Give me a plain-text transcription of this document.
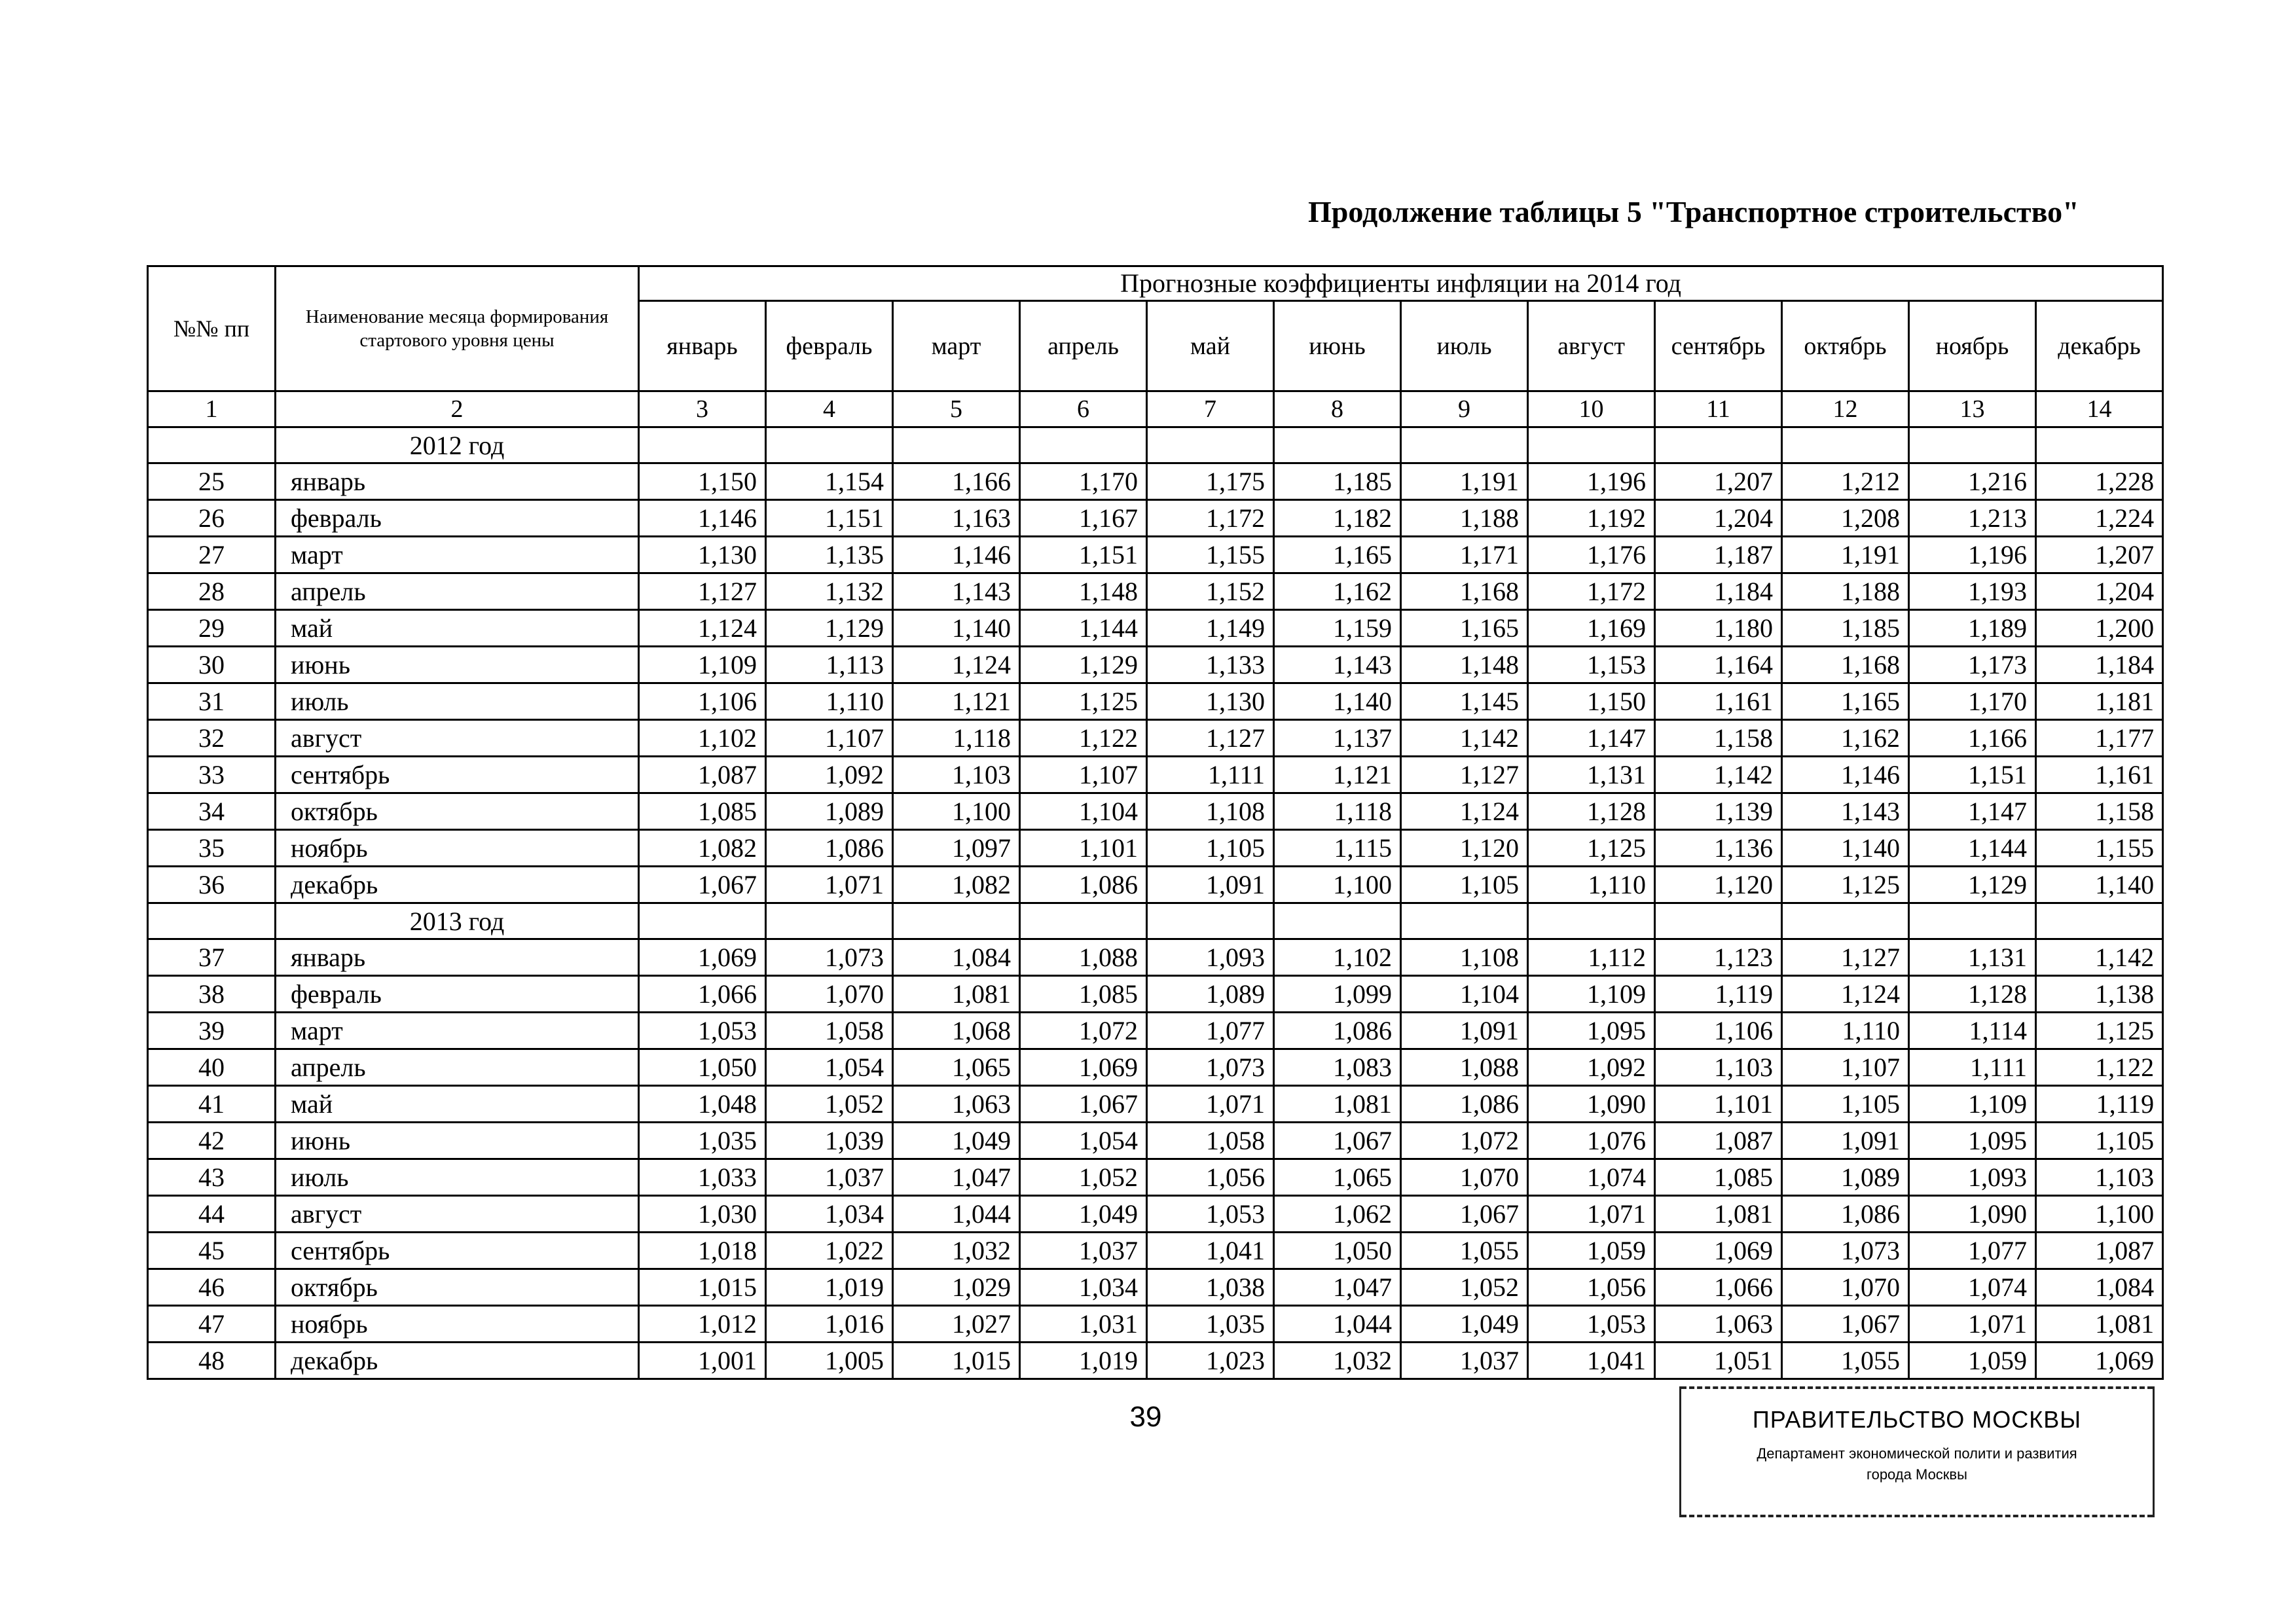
Продолжение таблицы 5 "Транспортное строительство"
№№ пп	Наименование месяца формирования стартового уровня цены	Прогнозные коэффициенты инфляции на 2014 год											
		январь	февраль	март	апрель	май	июнь	июль	август	сентябрь	октябрь	ноябрь	декабрь
1	2	3	4	5	6	7	8	9	10	11	12	13	14
	2012 год												
25	январь	1,150	1,154	1,166	1,170	1,175	1,185	1,191	1,196	1,207	1,212	1,216	1,228
26	февраль	1,146	1,151	1,163	1,167	1,172	1,182	1,188	1,192	1,204	1,208	1,213	1,224
27	март	1,130	1,135	1,146	1,151	1,155	1,165	1,171	1,176	1,187	1,191	1,196	1,207
28	апрель	1,127	1,132	1,143	1,148	1,152	1,162	1,168	1,172	1,184	1,188	1,193	1,204
29	май	1,124	1,129	1,140	1,144	1,149	1,159	1,165	1,169	1,180	1,185	1,189	1,200
30	июнь	1,109	1,113	1,124	1,129	1,133	1,143	1,148	1,153	1,164	1,168	1,173	1,184
31	июль	1,106	1,110	1,121	1,125	1,130	1,140	1,145	1,150	1,161	1,165	1,170	1,181
32	август	1,102	1,107	1,118	1,122	1,127	1,137	1,142	1,147	1,158	1,162	1,166	1,177
33	сентябрь	1,087	1,092	1,103	1,107	1,111	1,121	1,127	1,131	1,142	1,146	1,151	1,161
34	октябрь	1,085	1,089	1,100	1,104	1,108	1,118	1,124	1,128	1,139	1,143	1,147	1,158
35	ноябрь	1,082	1,086	1,097	1,101	1,105	1,115	1,120	1,125	1,136	1,140	1,144	1,155
36	декабрь	1,067	1,071	1,082	1,086	1,091	1,100	1,105	1,110	1,120	1,125	1,129	1,140
	2013 год												
37	январь	1,069	1,073	1,084	1,088	1,093	1,102	1,108	1,112	1,123	1,127	1,131	1,142
38	февраль	1,066	1,070	1,081	1,085	1,089	1,099	1,104	1,109	1,119	1,124	1,128	1,138
39	март	1,053	1,058	1,068	1,072	1,077	1,086	1,091	1,095	1,106	1,110	1,114	1,125
40	апрель	1,050	1,054	1,065	1,069	1,073	1,083	1,088	1,092	1,103	1,107	1,111	1,122
41	май	1,048	1,052	1,063	1,067	1,071	1,081	1,086	1,090	1,101	1,105	1,109	1,119
42	июнь	1,035	1,039	1,049	1,054	1,058	1,067	1,072	1,076	1,087	1,091	1,095	1,105
43	июль	1,033	1,037	1,047	1,052	1,056	1,065	1,070	1,074	1,085	1,089	1,093	1,103
44	август	1,030	1,034	1,044	1,049	1,053	1,062	1,067	1,071	1,081	1,086	1,090	1,100
45	сентябрь	1,018	1,022	1,032	1,037	1,041	1,050	1,055	1,059	1,069	1,073	1,077	1,087
46	октябрь	1,015	1,019	1,029	1,034	1,038	1,047	1,052	1,056	1,066	1,070	1,074	1,084
47	ноябрь	1,012	1,016	1,027	1,031	1,035	1,044	1,049	1,053	1,063	1,067	1,071	1,081
48	декабрь	1,001	1,005	1,015	1,019	1,023	1,032	1,037	1,041	1,051	1,055	1,059	1,069
39	ПРАВИТЕЛЬСТВО МОСКВЫ
Департамент экономической полити и развития
города Москвы
